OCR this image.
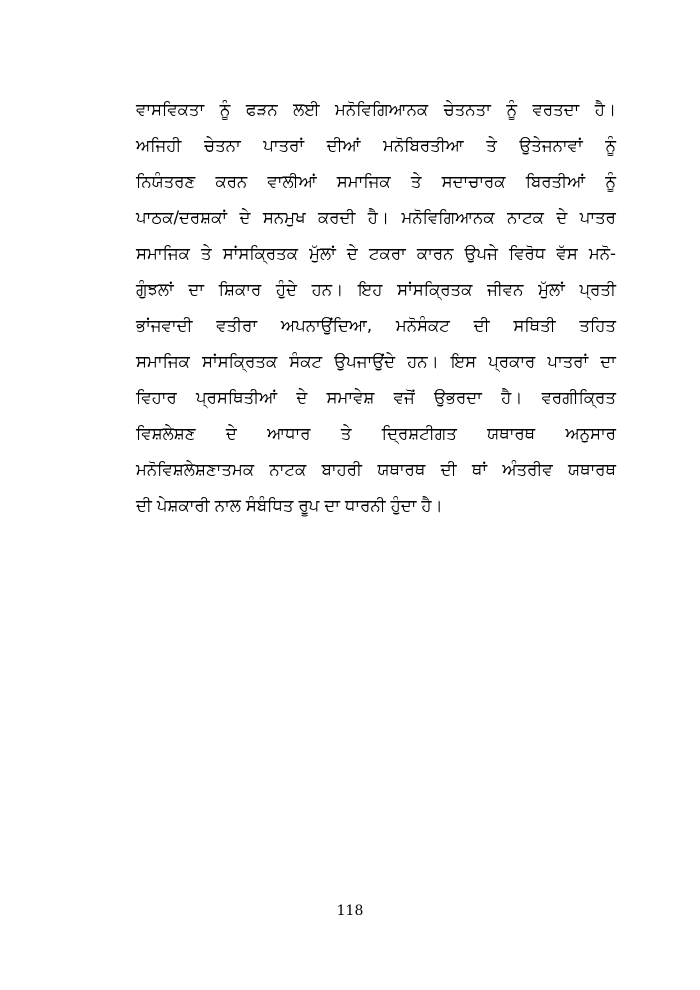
ਵਾਸਵਿਕਤਾ ਨੂੰ ਫੜਨ ਲਈ ਮਨੋਵਿਗਿਆਨਕ ਚੇਤਨਤਾ ਨੂੰ ਵਰਤਦਾ ਹੈ।
ਅਜਿਹੀ ਚੇਤਨਾ ਪਾਤਰਾਂ ਦੀਆਂ ਮਨੋਬਿਰਤੀਆ ਤੇ ਉਤੇਜਨਾਵਾਂ ਨੂੰ
ਨਿਯੰਤਰਣ ਕਰਨ ਵਾਲੀਆਂ ਸਮਾਜਿਕ ਤੇ ਸਦਾਚਾਰਕ ਬਿਰਤੀਆਂ ਨੂੰ
ਪਾਠਕ/ਦਰਸ਼ਕਾਂ ਦੇ ਸਨਮੁਖ ਕਰਦੀ ਹੈ। ਮਨੋਵਿਗਿਆਨਕ ਨਾਟਕ ਦੇ ਪਾਤਰ
ਸਮਾਜਿਕ ਤੇ ਸਾਂਸਕ੍ਰਿਤਕ ਮੁੱਲਾਂ ਦੇ ਟਕਰਾ ਕਾਰਨ ਉਪਜੇ ਵਿਰੋਧ ਵੱਸ ਮਨੋ-
ਗੁੰਝਲਾਂ ਦਾ ਸ਼ਿਕਾਰ ਹੁੰਦੇ ਹਨ। ਇਹ ਸਾਂਸਕ੍ਰਿਤਕ ਜੀਵਨ ਮੁੱਲਾਂ ਪ੍ਰਤੀ
ਭਾਂਜਵਾਦੀ ਵਤੀਰਾ ਅਪਨਾਉਂਦਿਆ, ਮਨੋਸੰਕਟ ਦੀ ਸਥਿਤੀ ਤਹਿਤ
ਸਮਾਜਿਕ ਸਾਂਸਕ੍ਰਿਤਕ ਸੰਕਟ ਉਪਜਾਉਂਦੇ ਹਨ। ਇਸ ਪ੍ਰਕਾਰ ਪਾਤਰਾਂ ਦਾ
ਵਿਹਾਰ ਪ੍ਰਸਥਿਤੀਆਂ ਦੇ ਸਮਾਵੇਸ਼ ਵਜੋਂ ਉਭਰਦਾ ਹੈ। ਵਰਗੀਕ੍ਰਿਤ
ਵਿਸ਼ਲੇਸ਼ਣ ਦੇ ਆਧਾਰ ਤੇ ਦ੍ਰਿਸ਼ਟੀਗਤ ਯਥਾਰਥ ਅਨੁਸਾਰ
ਮਨੋਵਿਸ਼ਲੇਸ਼ਣਾਤਮਕ ਨਾਟਕ ਬਾਹਰੀ ਯਥਾਰਥ ਦੀ ਥਾਂ ਅੰਤਰੀਵ ਯਥਾਰਥ
ਦੀ ਪੇਸ਼ਕਾਰੀ ਨਾਲ ਸੰਬੰਧਿਤ ਰੂਪ ਦਾ ਧਾਰਨੀ ਹੁੰਦਾ ਹੈ।
118
